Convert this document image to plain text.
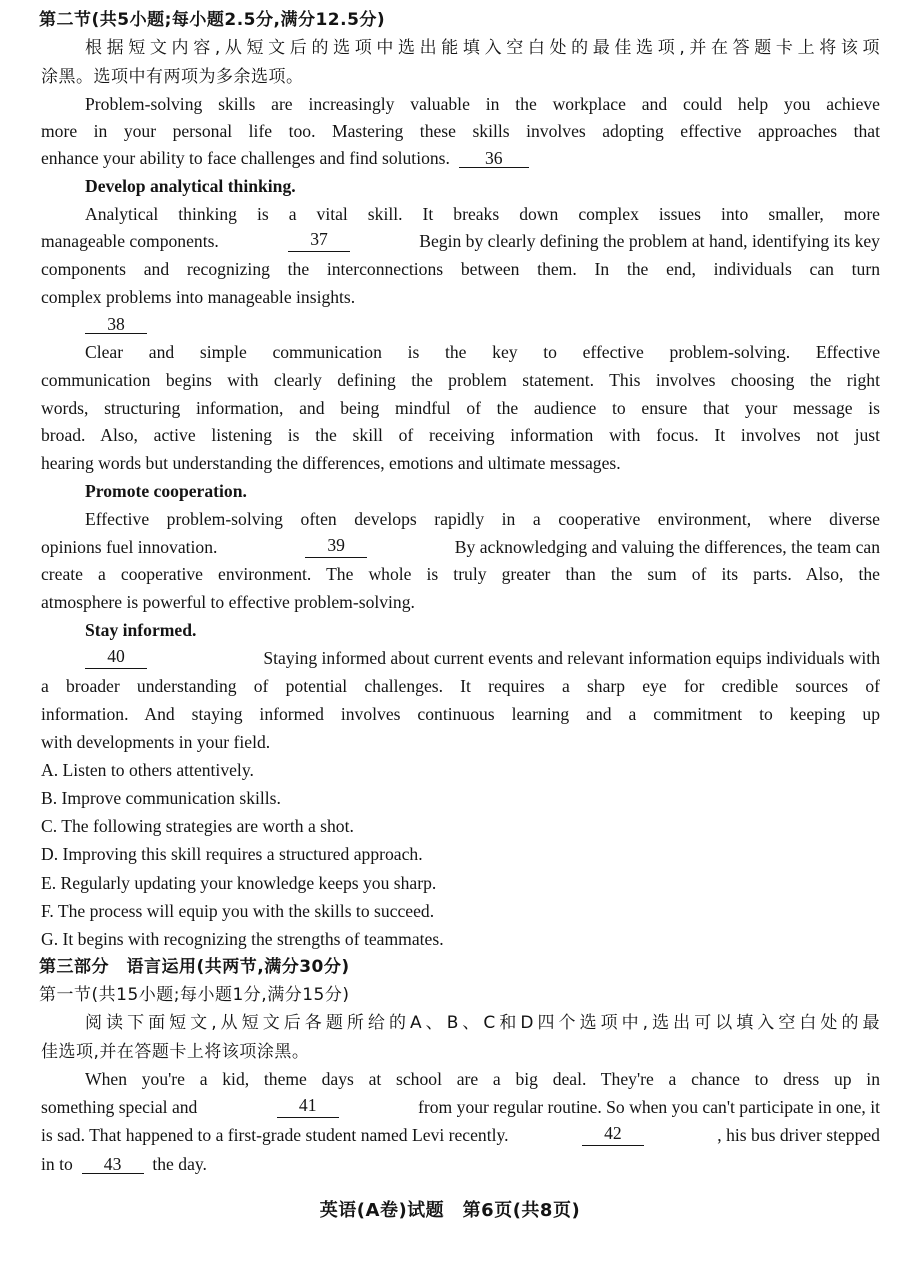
第二节(共5小题;每小题2.5分,满分12.5分)
根据短文内容,从短文后的选项中选出能填入空白处的最佳选项,并在答题卡上将该项
涂黑。选项中有两项为多余选项。
Problem-solving skills are increasingly valuable in the workplace and could help you achieve
more in your personal life too. Mastering these skills involves adopting effective approaches that
enhance your ability to face challenges and find solutions. 36
Develop analytical thinking.
Analytical thinking is a vital skill. It breaks down complex issues into smaller, more
manageable components.	37	Begin by clearly defining the problem at hand, identifying its key
components and recognizing the interconnections between them. In the end, individuals can turn
complex problems into manageable insights.
38
Clear and simple communication is the key to effective problem-solving. Effective
communication begins with clearly defining the problem statement. This involves choosing the right
words, structuring information, and being mindful of the audience to ensure that your message is
broad. Also, active listening is the skill of receiving information with focus. It involves not just
hearing words but understanding the differences, emotions and ultimate messages.
Promote cooperation.
Effective problem-solving often develops rapidly in a cooperative environment, where diverse
opinions fuel innovation.	39	By acknowledging and valuing the differences, the team can
create a cooperative environment. The whole is truly greater than the sum of its parts. Also, the
atmosphere is powerful to effective problem-solving.
Stay informed.
40	Staying informed about current events and relevant information equips individuals with
a broader understanding of potential challenges. It requires a sharp eye for credible sources of
information. And staying informed involves continuous learning and a commitment to keeping up
with developments in your field.
A. Listen to others attentively.
B. Improve communication skills.
C. The following strategies are worth a shot.
D. Improving this skill requires a structured approach.
E. Regularly updating your knowledge keeps you sharp.
F. The process will equip you with the skills to succeed.
G. It begins with recognizing the strengths of teammates.
第三部分　语言运用(共两节,满分30分)
第一节(共15小题;每小题1分,满分15分)
阅读下面短文,从短文后各题所给的A、B、C和D四个选项中,选出可以填入空白处的最
佳选项,并在答题卡上将该项涂黑。
When you're a kid, theme days at school are a big deal. They're a chance to dress up in
something special and	41	from your regular routine. So when you can't participate in one, it
is sad. That happened to a first-grade student named Levi recently.	42	, his bus driver stepped
in to 43 the day.
英语(A卷)试题　第6页(共8页)
